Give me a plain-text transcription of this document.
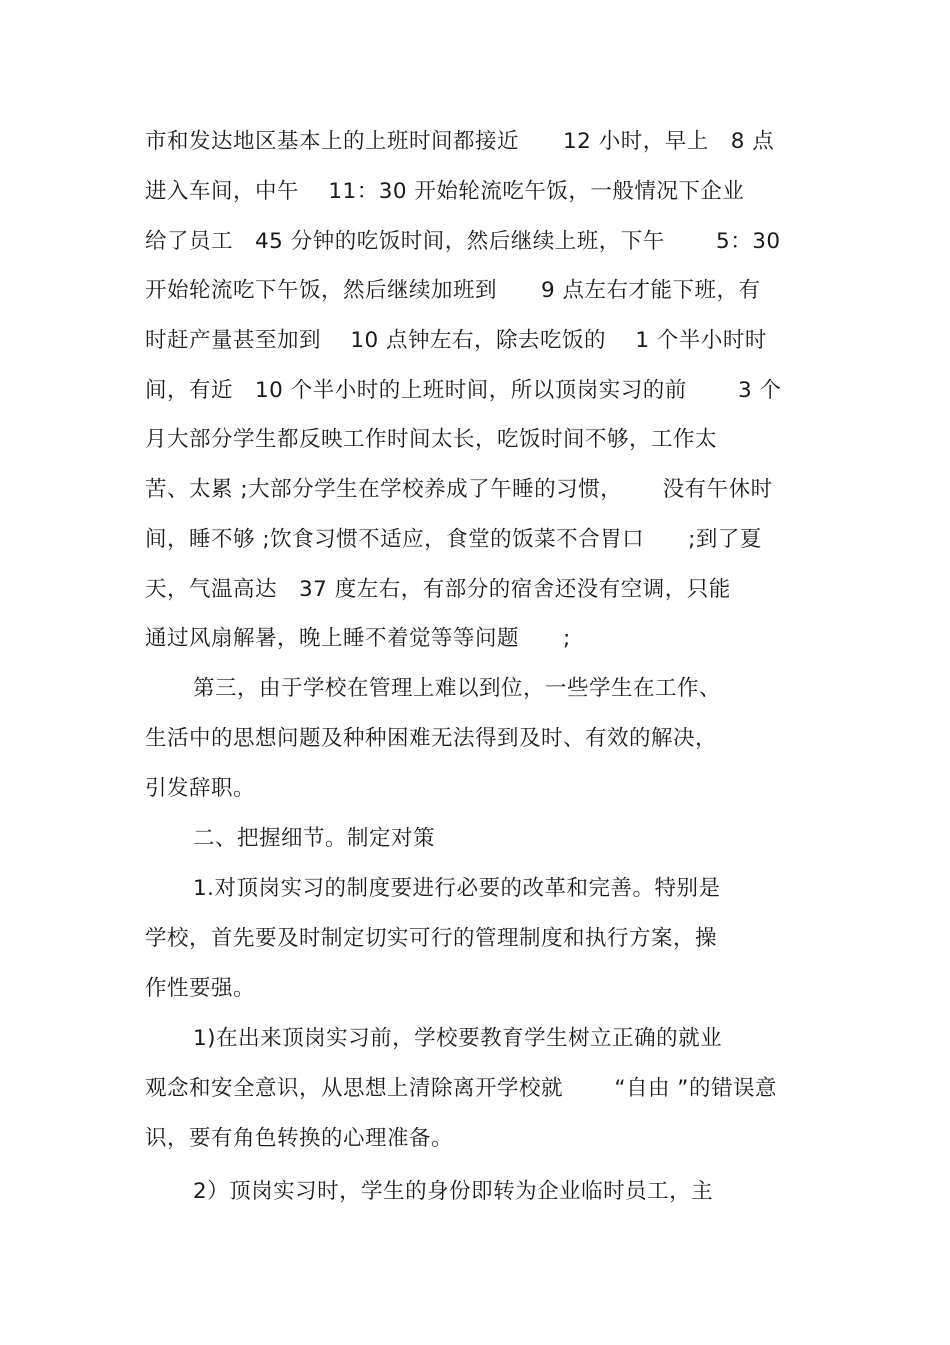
市和发达地区基本上的上班时间都接近　　12 小时，早上　8 点
进入车间，中午　 11：30 开始轮流吃午饭，一般情况下企业
给了员工　45 分钟的吃饭时间，然后继续上班，下午　　 5：30
开始轮流吃下午饭，然后继续加班到　　9 点左右才能下班，有
时赶产量甚至加到　 10 点钟左右，除去吃饭的　 1 个半小时时
间，有近　10 个半小时的上班时间，所以顶岗实习的前　　 3 个
月大部分学生都反映工作时间太长，吃饭时间不够，工作太
苦、太累 ;大部分学生在学校养成了午睡的习惯，　　 没有午休时
间，睡不够 ;饮食习惯不适应，食堂的饭菜不合胃口　　;到了夏
天，气温高达　37 度左右，有部分的宿舍还没有空调，只能
通过风扇解暑，晚上睡不着觉等等问题　　;
第三，由于学校在管理上难以到位，一些学生在工作、
生活中的思想问题及种种困难无法得到及时、有效的解决，
引发辞职。
二、把握细节。制定对策
1.对顶岗实习的制度要进行必要的改革和完善。特别是
学校，首先要及时制定切实可行的管理制度和执行方案，操
作性要强。
1)在出来顶岗实习前，学校要教育学生树立正确的就业
观念和安全意识，从思想上清除离开学校就　　 “自由 ”的错误意
识，要有角色转换的心理准备。
2）顶岗实习时，学生的身份即转为企业临时员工，主
